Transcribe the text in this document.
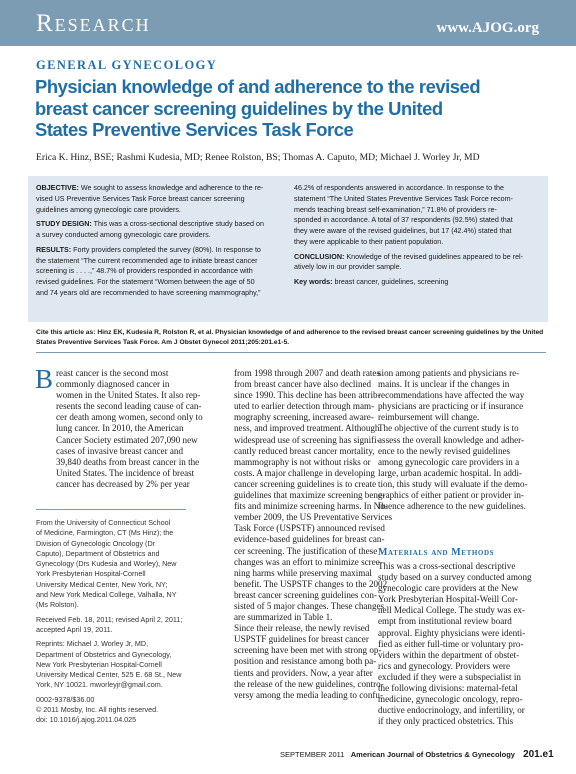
Research	www.AJOG.org
GENERAL GYNECOLOGY
Physician knowledge of and adherence to the revised
breast cancer screening guidelines by the United
States Preventive Services Task Force
Erica K. Hinz, BSE; Rashmi Kudesia, MD; Renee Rolston, BS; Thomas A. Caputo, MD; Michael J. Worley Jr, MD
OBJECTIVE: We sought to assess knowledge and adherence to the re-
vised US Preventive Services Task Force breast cancer screening
guidelines among gynecologic care providers.
STUDY DESIGN: This was a cross-sectional descriptive study based on
a survey conducted among gynecologic care providers.
RESULTS: Forty providers completed the survey (80%). In response to
the statement “The current recommended age to initiate breast cancer
screening is . . . .,” 48.7% of providers responded in accordance with
revised guidelines. For the statement “Women between the age of 50
and 74 years old are recommended to have screening mammography,”
46.2% of respondents answered in accordance. In response to the
statement “The United States Preventive Services Task Force recom-
mends teaching breast self-examination,” 71.8% of providers re-
sponded in accordance. A total of 37 respondents (92.5%) stated that
they were aware of the revised guidelines, but 17 (42.4%) stated that
they were applicable to their patient population.
CONCLUSION: Knowledge of the revised guidelines appeared to be rel-
atively low in our provider sample.
Key words: breast cancer, guidelines, screening
Cite this article as: Hinz EK, Kudesia R, Rolston R, et al. Physician knowledge of and adherence to the revised breast cancer screening guidelines by the United
States Preventive Services Task Force. Am J Obstet Gynecol 2011;205:201.e1-5.
B reast cancer is the second most
commonly diagnosed cancer in
women in the United States. It also rep-
resents the second leading cause of can-
cer death among women, second only to
lung cancer. In 2010, the American
Cancer Society estimated 207,090 new
cases of invasive breast cancer and
39,840 deaths from breast cancer in the
United States. The incidence of breast
cancer has decreased by 2% per year
from 1998 through 2007 and death rates
from breast cancer have also declined
since 1990. This decline has been attrib-
uted to earlier detection through mam-
mography screening, increased aware-
ness, and improved treatment. Although
widespread use of screening has signifi-
cantly reduced breast cancer mortality,
mammography is not without risks or
costs. A major challenge in developing
cancer screening guidelines is to create
guidelines that maximize screening bene-
fits and minimize screening harms. In No-
vember 2009, the US Preventative Services
Task Force (USPSTF) announced revised
evidence-based guidelines for breast can-
cer screening. The justification of these
changes was an effort to minimize scree-
ning harms while preserving maximal
benefit. The USPSTF changes to the 2002
breast cancer screening guidelines con-
sisted of 5 major changes. These changes
are summarized in Table 1.
Since their release, the newly revised
USPSTF guidelines for breast cancer
screening have been met with strong op-
position and resistance among both pa-
tients and providers. Now, a year after
the release of the new guidelines, contro-
versy among the media leading to confu-
sion among patients and physicians re-
mains. It is unclear if the changes in
recommendations have affected the way
physicians are practicing or if insurance
reimbursement will change.
The objective of the current study is to
assess the overall knowledge and adher-
ence to the newly revised guidelines
among gynecologic care providers in a
large, urban academic hospital. In addi-
tion, this study will evaluate if the demo-
graphics of either patient or provider in-
fluence adherence to the new guidelines.
From the University of Connecticut School
of Medicine, Farmington, CT (Ms Hinz); the
Division of Gynecologic Oncology (Dr
Caputo), Department of Obstetrics and
Gynecology (Drs Kudesia and Worley), New
York Presbyterian Hospital-Cornell
University Medical Center, New York, NY;
and New York Medical College, Valhalla, NY
(Ms Rolston).
Received Feb. 18, 2011; revised April 2, 2011;
accepted April 19, 2011.
Reprints: Michael J. Worley Jr, MD,
Department of Obstetrics and Gynecology,
New York Presbyterian Hospital-Cornell
University Medical Center, 525 E. 68 St., New
York, NY 10021. mworleyjr@gmail.com.
0002-9378/$36.00
© 2011 Mosby, Inc. All rights reserved.
doi: 10.1016/j.ajog.2011.04.025
Materials and Methods
This was a cross-sectional descriptive
study based on a survey conducted among
gynecologic care providers at the New
York Presbyterian Hospital-Weill Cor-
nell Medical College. The study was ex-
empt from institutional review board
approval. Eighty physicians were identi-
fied as either full-time or voluntary pro-
viders within the department of obstet-
rics and gynecology. Providers were
excluded if they were a subspecialist in
the following divisions: maternal-fetal
medicine, gynecologic oncology, repro-
ductive endocrinology, and infertility, or
if they only practiced obstetrics. This
SEPTEMBER 2011 American Journal of Obstetrics & Gynecology 201.e1
